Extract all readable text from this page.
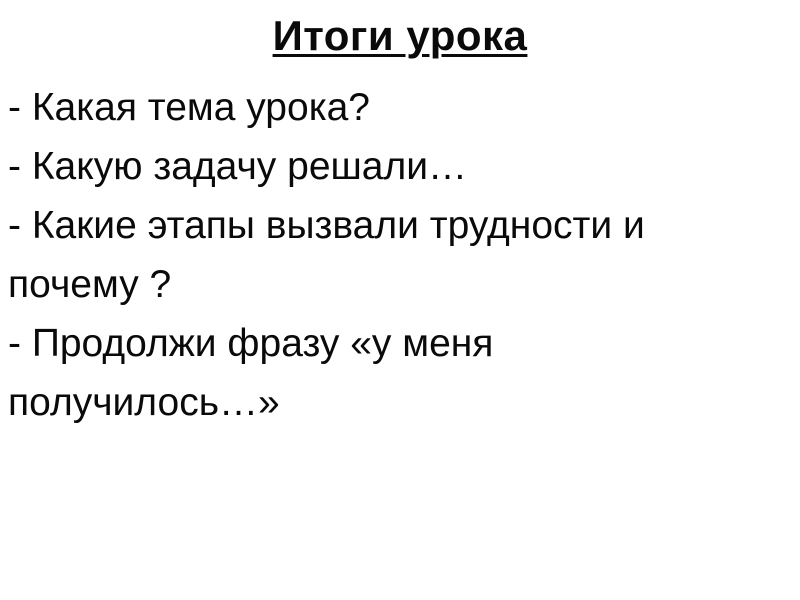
Итоги урока
- Какая тема урока?
- Какую задачу решали…
- Какие этапы вызвали трудности и
почему ?
- Продолжи фразу «у меня
получилось…»
